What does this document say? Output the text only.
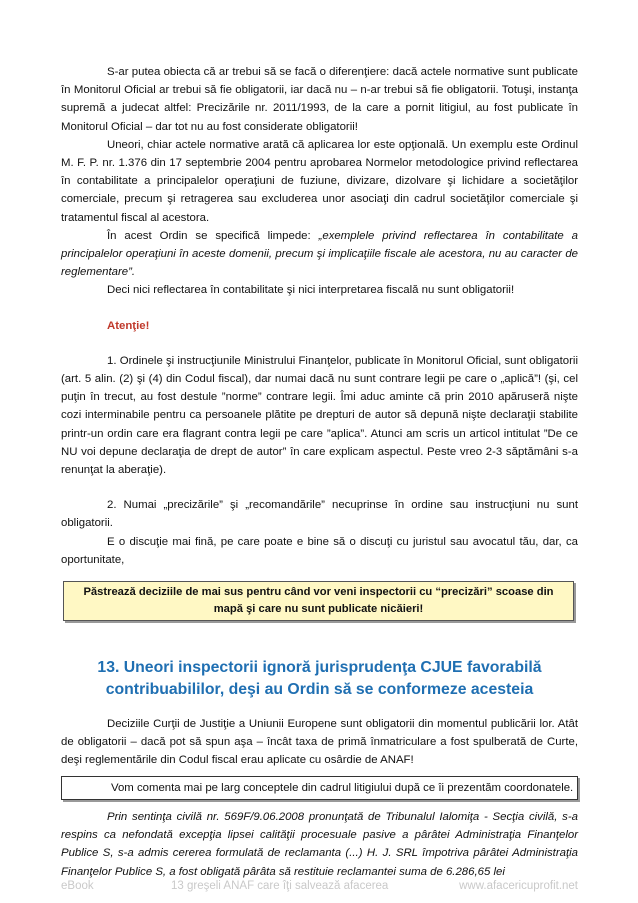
S-ar putea obiecta că ar trebui să se facă o diferenţiere: dacă actele normative sunt publicate în Monitorul Oficial ar trebui să fie obligatorii, iar dacă nu – n-ar trebui să fie obligatorii. Totuşi, instanţa supremă a judecat altfel: Precizările nr. 2011/1993, de la care a pornit litigiul, au fost publicate în Monitorul Oficial – dar tot nu au fost considerate obligatorii!

Uneori, chiar actele normative arată că aplicarea lor este opţională. Un exemplu este Ordinul M. F. P. nr. 1.376 din 17 septembrie 2004 pentru aprobarea Normelor metodologice privind reflectarea în contabilitate a principalelor operaţiuni de fuziune, divizare, dizolvare şi lichidare a societăţilor comerciale, precum şi retragerea sau excluderea unor asociaţi din cadrul societăţilor comerciale şi tratamentul fiscal al acestora.

În acest Ordin se specifică limpede: „exemplele privind reflectarea în contabilitate a principalelor operaţiuni în aceste domenii, precum şi implicaţiile fiscale ale acestora, nu au caracter de reglementare”.

Deci nici reflectarea în contabilitate şi nici interpretarea fiscală nu sunt obligatorii!

Atenţie!

1. Ordinele şi instrucţiunile Ministrului Finanţelor, publicate în Monitorul Oficial, sunt obligatorii (art. 5 alin. (2) şi (4) din Codul fiscal), dar numai dacă nu sunt contrare legii pe care o „aplică”! (şi, cel puţin în trecut, au fost destule ”norme” contrare legii. Îmi aduc aminte că prin 2010 apăruseră nişte cozi interminabile pentru ca persoanele plătite pe drepturi de autor să depună nişte declaraţii stabilite printr-un ordin care era flagrant contra legii pe care ”aplica”. Atunci am scris un articol intitulat ”De ce NU voi depune declaraţia de drept de autor” în care explicam aspectul. Peste vreo 2-3 săptămâni s-a renunţat la aberaţie).

2. Numai „precizările” şi „recomandările” necuprinse în ordine sau instrucţiuni nu sunt obligatorii.

E o discuţie mai fină, pe care poate e bine să o discuţi cu juristul sau avocatul tău, dar, ca oportunitate,

Păstrează deciziile de mai sus pentru când vor veni inspectorii cu “precizări” scoase din mapă şi care nu sunt publicate nicăieri!
13. Uneori inspectorii ignoră jurisprudenţa CJUE favorabilă contribuabililor, deşi au Ordin să se conformeze acesteia

Deciziile Curţii de Justiţie a Uniunii Europene sunt obligatorii din momentul publicării lor. Atât de obligatorii – dacă pot să spun aşa – încât taxa de primă înmatriculare a fost spulberată de Curte, deşi reglementările din Codul fiscal erau aplicate cu osârdie de ANAF!

Vom comenta mai pe larg conceptele din cadrul litigiului după ce îi prezentăm coordonatele.

Prin sentinţa civilă nr. 569F/9.06.2008 pronunţată de Tribunalul Ialomiţa - Secţia civilă, s-a respins ca nefondată excepţia lipsei calităţii procesuale pasive a pârâtei Administraţia Finanţelor Publice S, s-a admis cererea formulată de reclamanta (...) H. J. SRL împotriva pârâtei Administraţia Finanţelor Publice S, a fost obligată pârâta să restituie reclamantei suma de 6.286,65 lei

eBook	13 greşeli ANAF care îţi salvează afacerea	www.afacericuprofit.net
